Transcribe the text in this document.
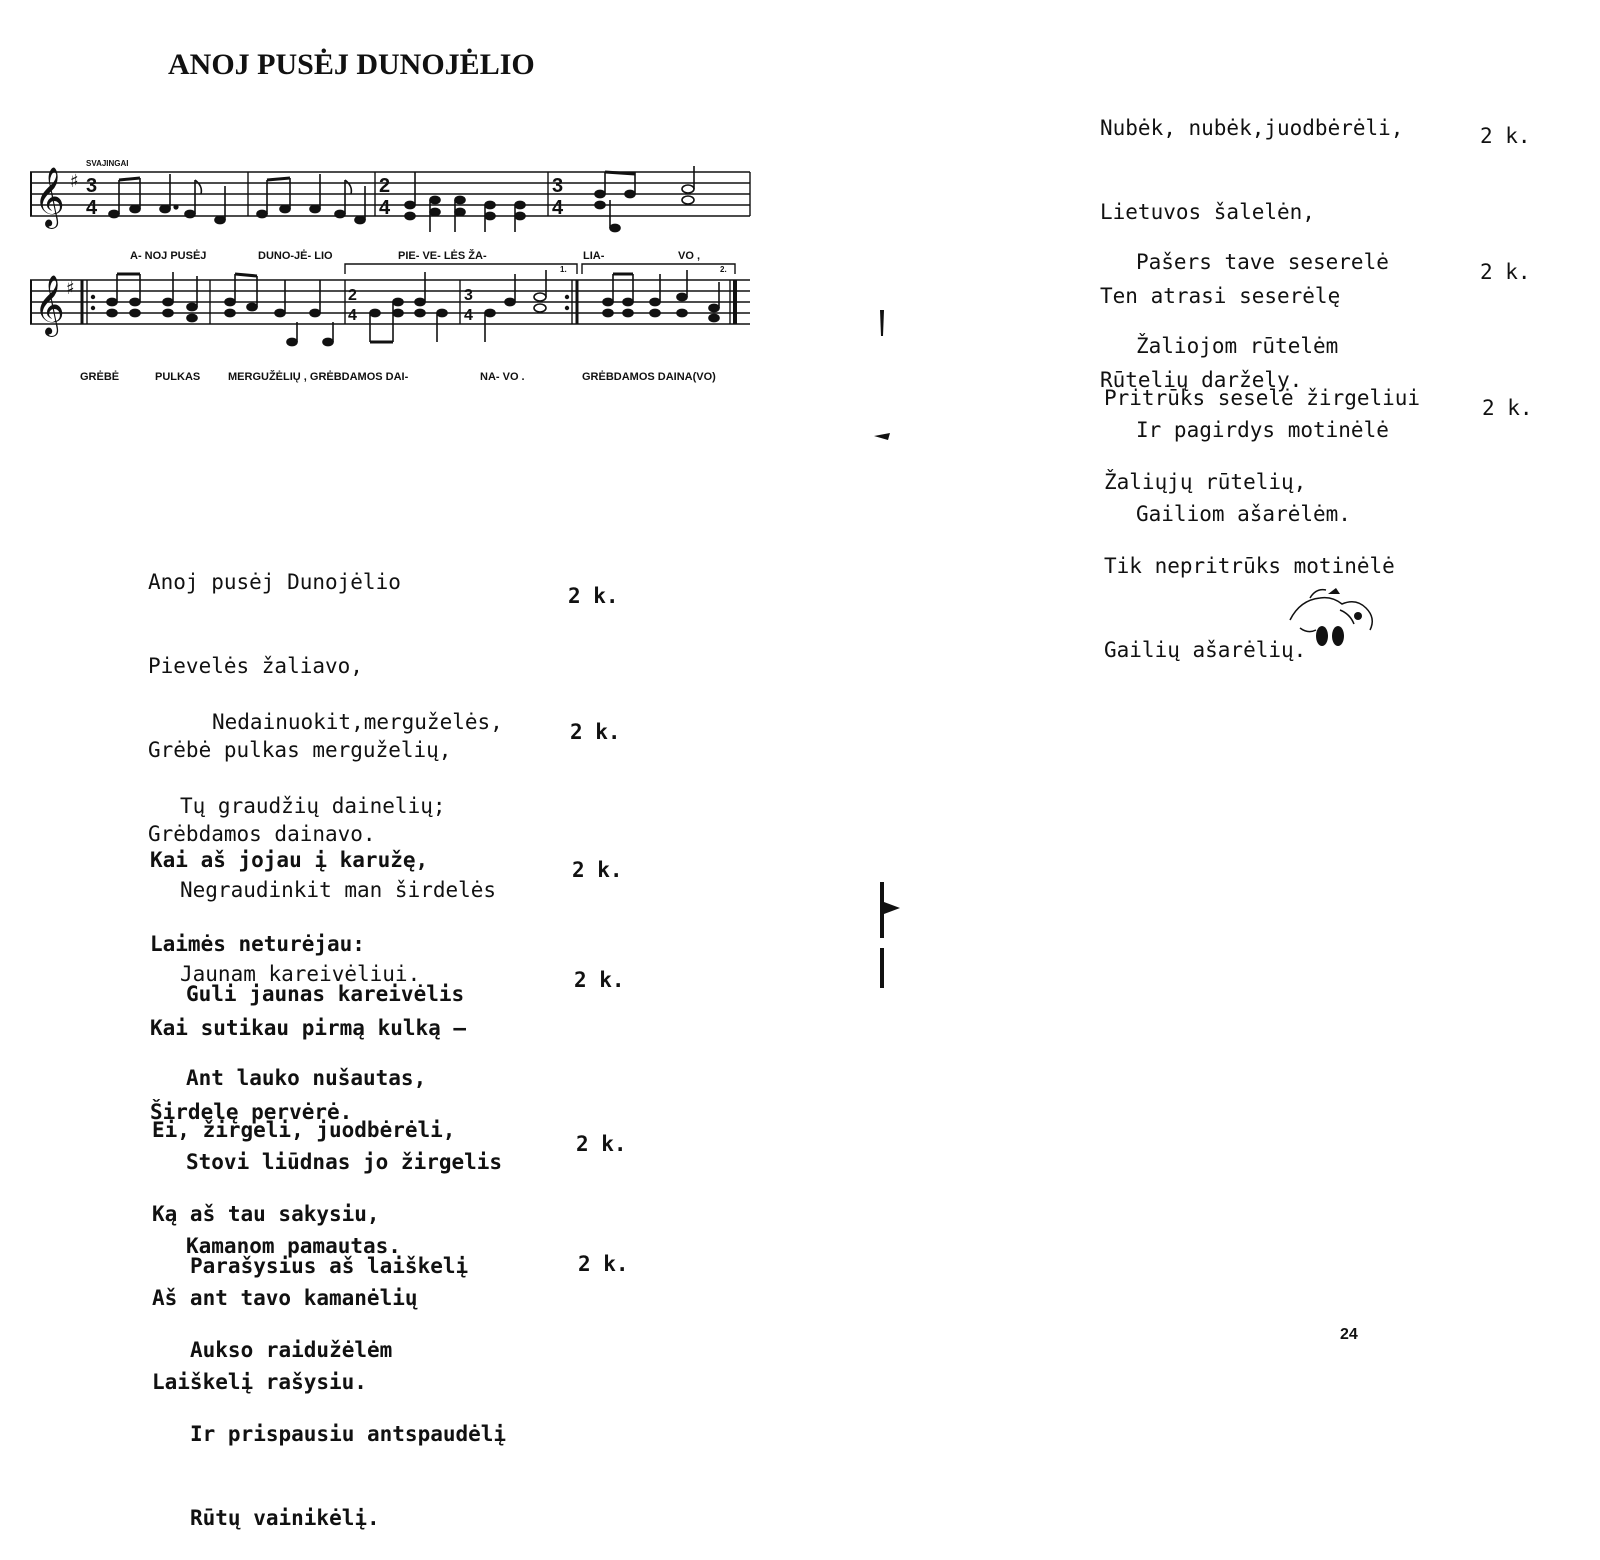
ANOJ PUSĖJ DUNOJĖLIO
𝄞
𝄞
♯
♯
3
4
2
4
3
4
2
4
3
4
SVAJINGAI
1.	2.
A- NOJ PUSĖJ	DUNO-JĖ- LIO	PIE- VE- LĖS ŽA-	LIA-	VO ,
GRĖBĖ	PULKAS	MERGUŽĖLIŲ , GRĖBDAMOS DAI-	NA- VO .	GRĖBDAMOS DAINA(VO)

Anoj pusėj Dunojėlio

Pievelės žaliavo,

Grėbė pulkas merguželių,

Grėbdamos dainavo.

2 k.

Nedainuokit,merguželės,

Tų graudžių dainelių;

Negraudinkit man širdelės

Jaunam kareivėliui.

2 k.

Kai aš jojau į karužę,

Laimės neturėjau:

Kai sutikau pirmą kulką –

Širdelę pervėrė.

2 k.

Guli jaunas kareivėlis

Ant lauko nušautas,

Stovi liūdnas jo žirgelis

Kamanom pamautas.

2 k.

Ei, žirgeli, juodbėrėli,

Ką aš tau sakysiu,

Aš ant tavo kamanėlių

Laiškelį rašysiu.

2 k.

Parašysius aš laiškelį

Aukso raidužėlėm

Ir prispausiu antspaudėlį

Rūtų vainikėlį.

2 k.

Nubėk, nubėk,juodbėrėli,

Lietuvos šalelėn,

Ten atrasi seserėlę

Rūtelių darželу.

2 k.

Pašers tave seserelė

Žaliojom rūtelėm

Ir pagirdys motinėlė

Gailiom ašarėlėm.

2 k.

Pritrūks seselė žirgeliui

Žaliųjų rūtelių,

Tik nepritrūks motinėlė

Gailių ašarėlių.

2 k.
24
